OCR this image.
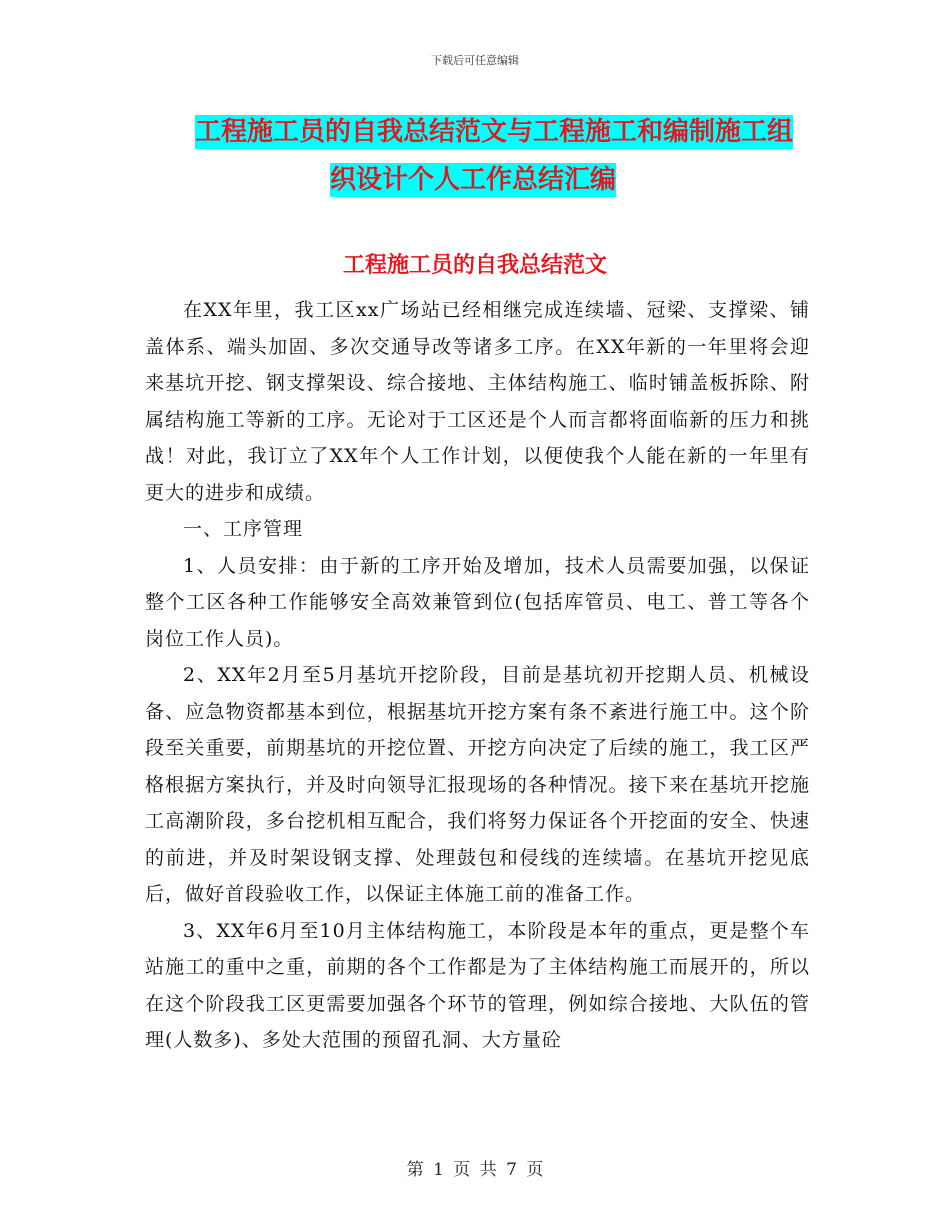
下载后可任意编辑
工程施工员的自我总结范文与工程施工和编制施工组
织设计个人工作总结汇编
工程施工员的自我总结范文

在XX年里，我工区xx广场站已经相继完成连续墙、冠梁、支撑梁、铺盖体系、端头加固、多次交通导改等诸多工序。在XX年新的一年里将会迎来基坑开挖、钢支撑架设、综合接地、主体结构施工、临时铺盖板拆除、附属结构施工等新的工序。无论对于工区还是个人而言都将面临新的压力和挑战！对此，我订立了XX年个人工作计划，以便使我个人能在新的一年里有更大的进步和成绩。

一、工序管理

1、人员安排：由于新的工序开始及增加，技术人员需要加强，以保证整个工区各种工作能够安全高效兼管到位(包括库管员、电工、普工等各个岗位工作人员)。

2、XX年2月至5月基坑开挖阶段，目前是基坑初开挖期人员、机械设备、应急物资都基本到位，根据基坑开挖方案有条不紊进行施工中。这个阶段至关重要，前期基坑的开挖位置、开挖方向决定了后续的施工，我工区严格根据方案执行，并及时向领导汇报现场的各种情况。接下来在基坑开挖施工高潮阶段，多台挖机相互配合，我们将努力保证各个开挖面的安全、快速的前进，并及时架设钢支撑、处理鼓包和侵线的连续墙。在基坑开挖见底后，做好首段验收工作，以保证主体施工前的准备工作。

3、XX年6月至10月主体结构施工，本阶段是本年的重点，更是整个车站施工的重中之重，前期的各个工作都是为了主体结构施工而展开的，所以在这个阶段我工区更需要加强各个环节的管理，例如综合接地、大队伍的管理(人数多)、多处大范围的预留孔洞、大方量砼

第 1 页 共 7 页
